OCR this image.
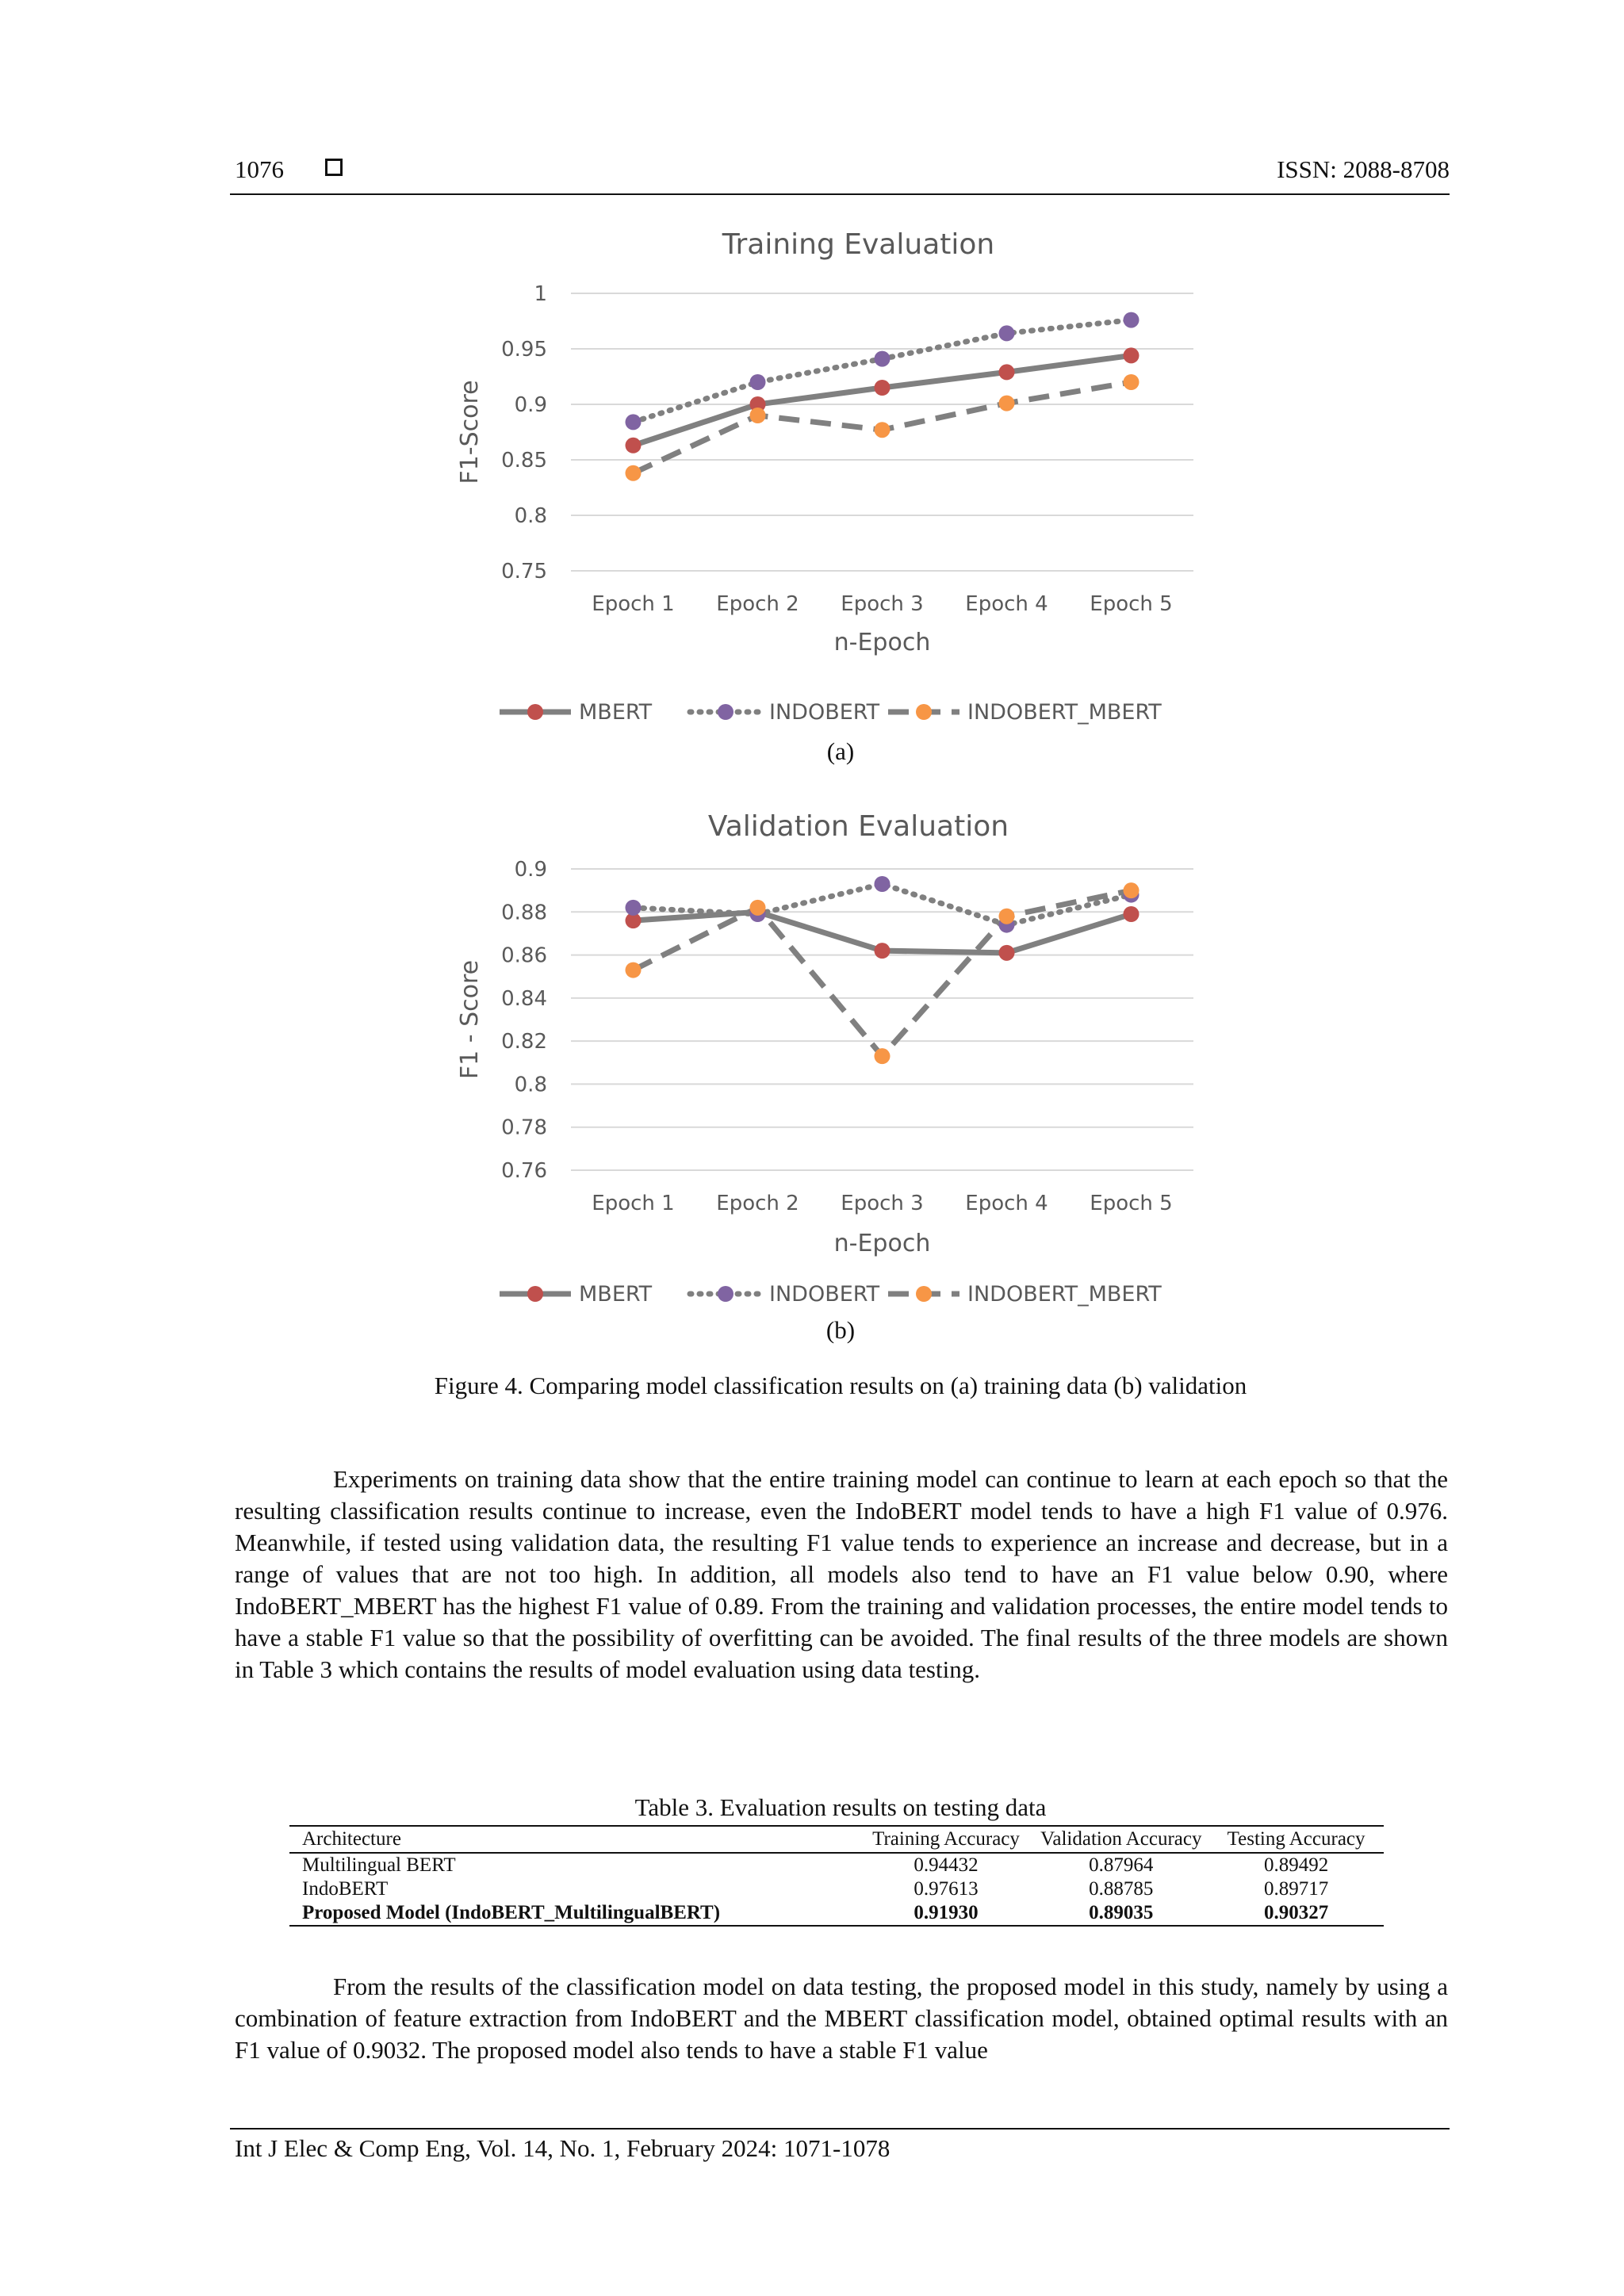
1076	ISSN: 2088-8708
Training Evaluation
0.75
0.8
0.85
0.9
0.95
1
Epoch 1 Epoch 2 Epoch 3 Epoch 4 Epoch 5
n-Epoch
F1-Score
MBERT	INDOBERT	INDOBERT_MBERT
(a)
Validation Evaluation
0.76
0.78
0.8
0.82
0.84
0.86
0.88
0.9
Epoch 1 Epoch 2 Epoch 3 Epoch 4 Epoch 5
n-Epoch
F1 - Score
MBERT	INDOBERT	INDOBERT_MBERT
(b)
Figure 4. Comparing model classification results on (a) training data (b) validation

Experiments on training data show that the entire training model can continue to learn at each epoch so that the resulting classification results continue to increase, even the IndoBERT model tends to have a high F1 value of 0.976. Meanwhile, if tested using validation data, the resulting F1 value tends to experience an increase and decrease, but in a range of values that are not too high. In addition, all models also tend to have an F1 value below 0.90, where IndoBERT_MBERT has the highest F1 value of 0.89. From the training and validation processes, the entire model tends to have a stable F1 value so that the possibility of overfitting can be avoided. The final results of the three models are shown in Table 3 which contains the results of model evaluation using data testing.

Table 3. Evaluation results on testing data
Architecture	Training Accuracy	Validation Accuracy	Testing Accuracy
Multilingual BERT	0.94432	0.87964	0.89492
IndoBERT	0.97613	0.88785	0.89717
Proposed Model (IndoBERT_MultilingualBERT)	0.91930	0.89035	0.90327

From the results of the classification model on data testing, the proposed model in this study, namely by using a combination of feature extraction from IndoBERT and the MBERT classification model, obtained optimal results with an F1 value of 0.9032. The proposed model also tends to have a stable F1 value

Int J Elec & Comp Eng, Vol. 14, No. 1, February 2024: 1071-1078
